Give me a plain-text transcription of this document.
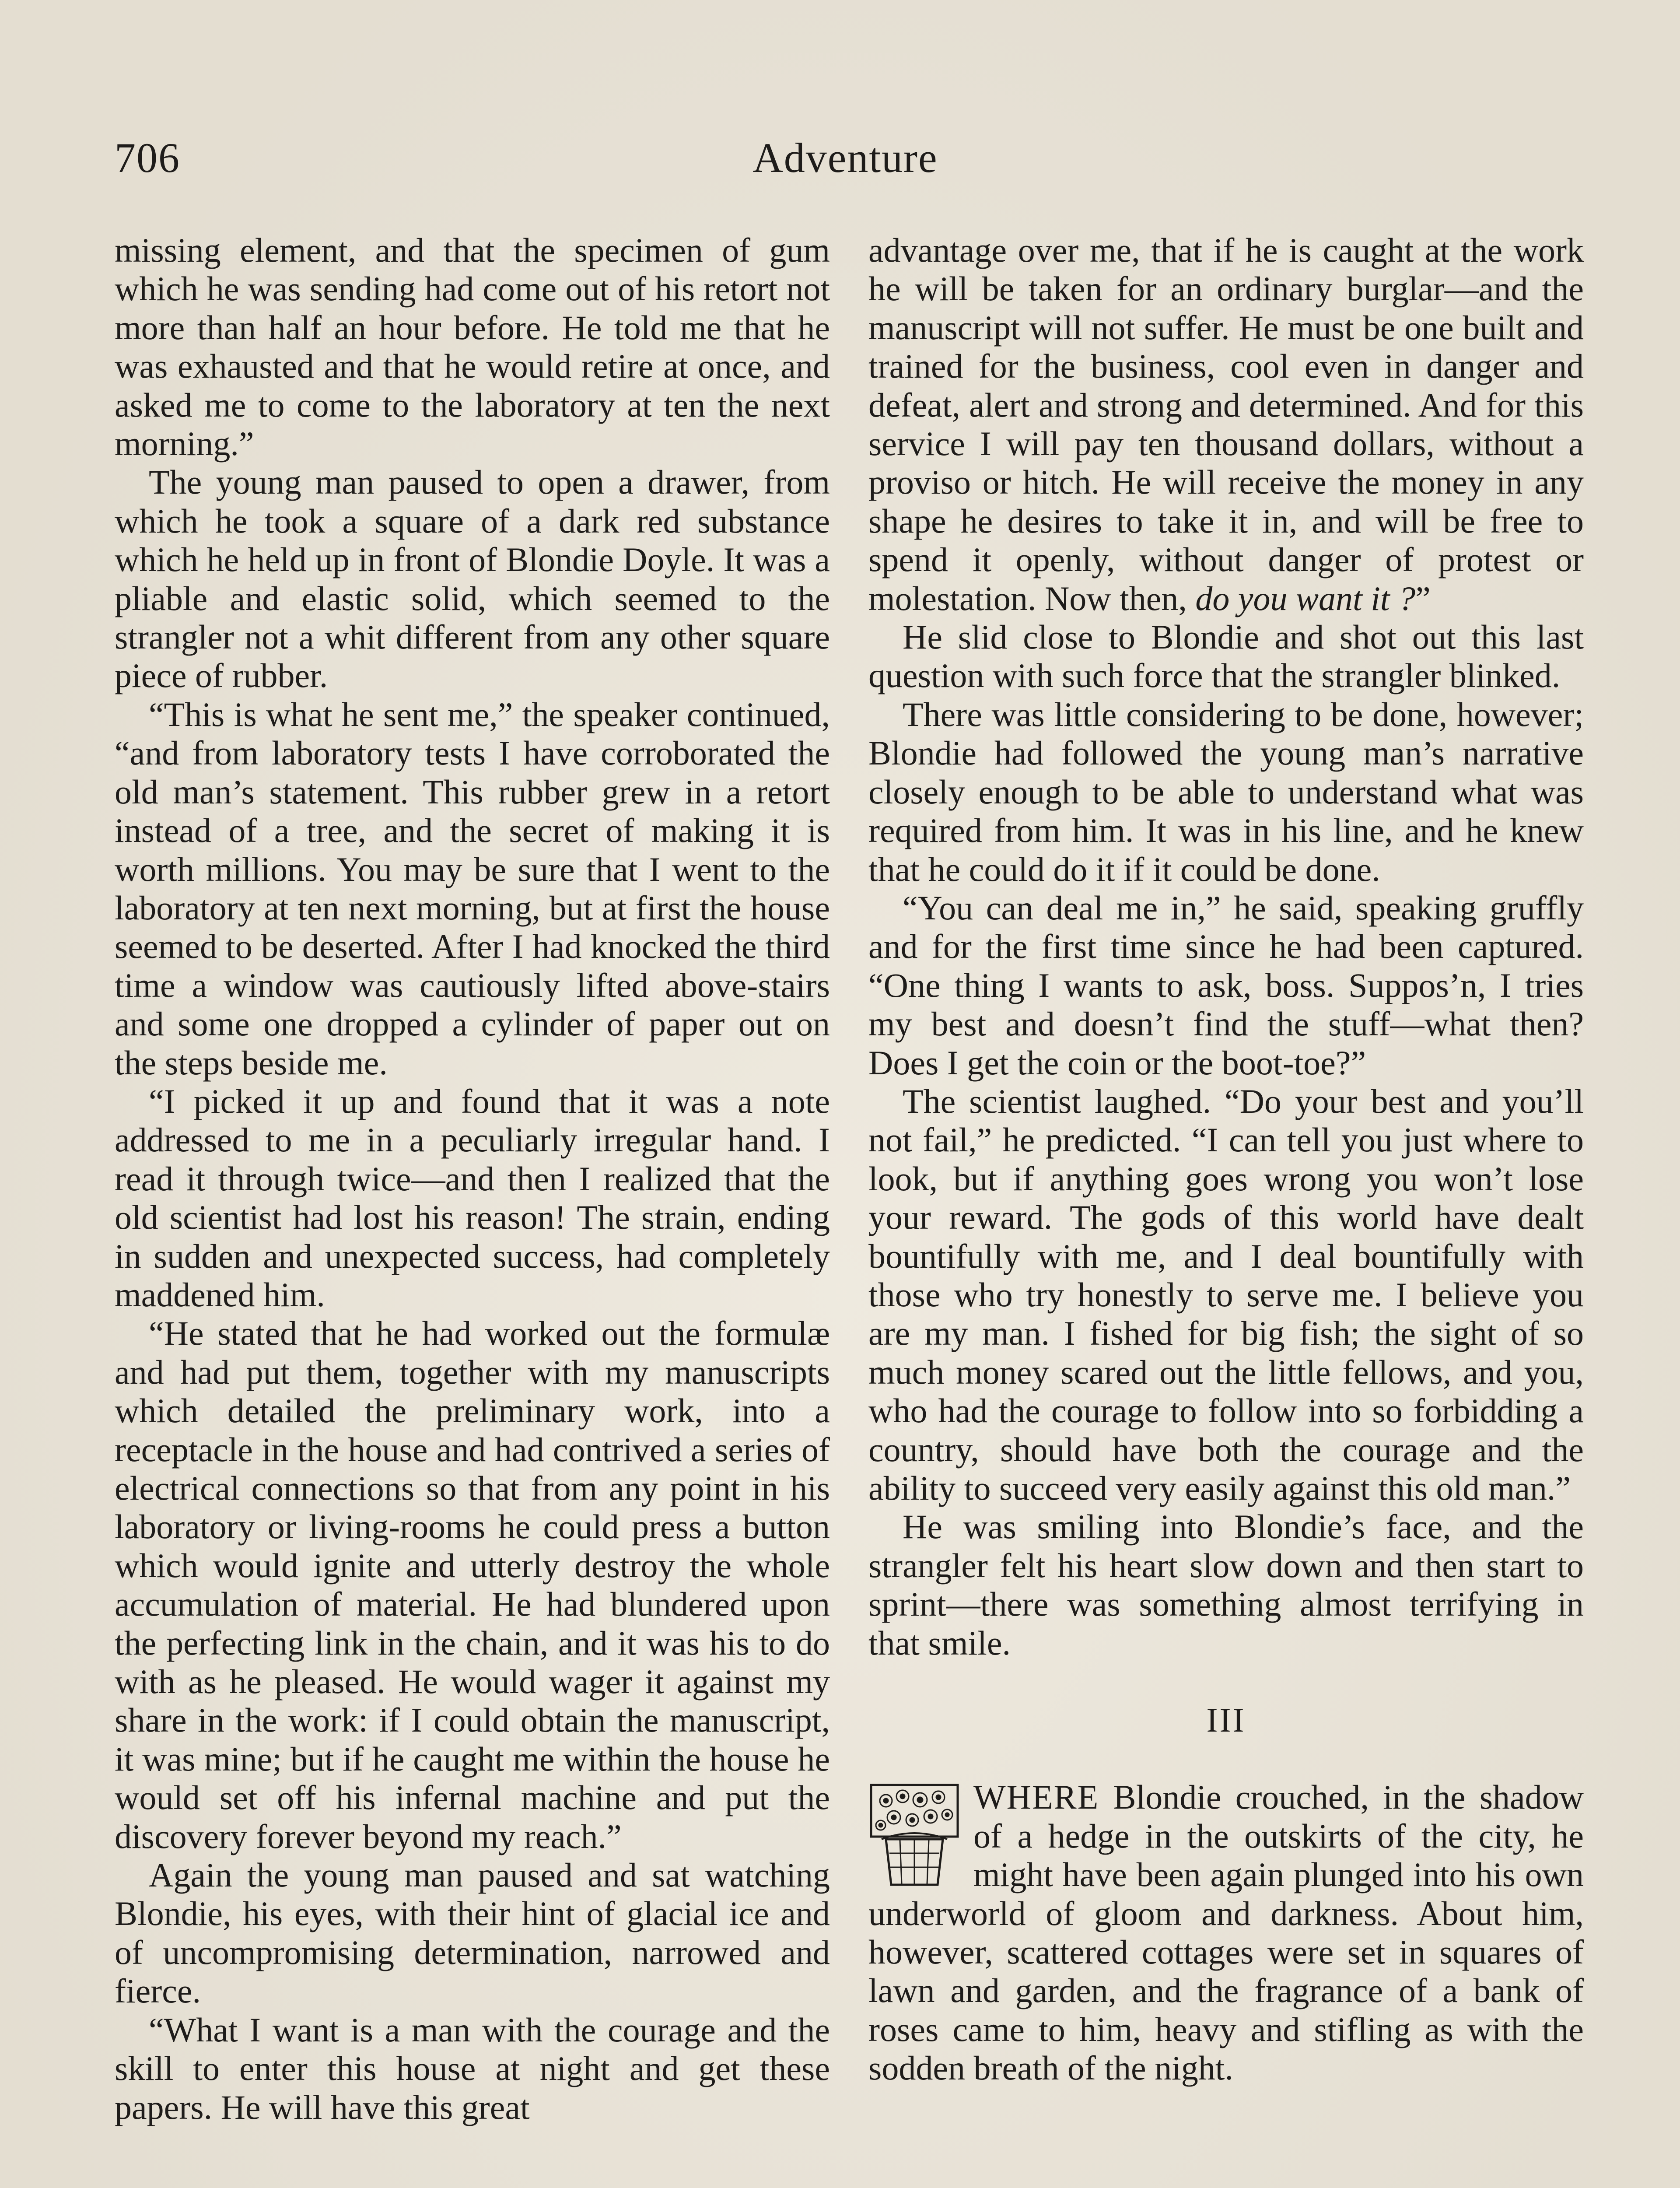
706	Adventure

missing element, and that the specimen of gum which he was sending had come out of his retort not more than half an hour before. He told me that he was exhausted and that he would retire at once, and asked me to come to the laboratory at ten the next morning.”

The young man paused to open a drawer, from which he took a square of a dark red substance which he held up in front of Blondie Doyle. It was a pliable and elastic solid, which seemed to the strangler not a whit different from any other square piece of rubber.

“This is what he sent me,” the speaker continued, “and from laboratory tests I have corroborated the old man’s statement. This rubber grew in a retort instead of a tree, and the secret of making it is worth millions. You may be sure that I went to the laboratory at ten next morning, but at first the house seemed to be deserted. After I had knocked the third time a window was cautiously lifted above-stairs and some one dropped a cylinder of paper out on the steps beside me.

“I picked it up and found that it was a note addressed to me in a peculiarly irregular hand. I read it through twice—and then I realized that the old scientist had lost his reason! The strain, ending in sudden and unexpected success, had completely maddened him.

“He stated that he had worked out the formulæ and had put them, together with my manuscripts which detailed the preliminary work, into a receptacle in the house and had contrived a series of electrical connections so that from any point in his laboratory or living-rooms he could press a button which would ignite and utterly destroy the whole accumulation of material. He had blundered upon the perfecting link in the chain, and it was his to do with as he pleased. He would wager it against my share in the work: if I could obtain the manuscript, it was mine; but if he caught me within the house he would set off his infernal machine and put the discovery forever beyond my reach.”

Again the young man paused and sat watching Blondie, his eyes, with their hint of glacial ice and of uncompromising determination, narrowed and fierce.

“What I want is a man with the courage and the skill to enter this house at night and get these papers. He will have this great

advantage over me, that if he is caught at the work he will be taken for an ordinary burglar—and the manuscript will not suffer. He must be one built and trained for the business, cool even in danger and defeat, alert and strong and determined. And for this service I will pay ten thousand dollars, without a proviso or hitch. He will receive the money in any shape he desires to take it in, and will be free to spend it openly, without danger of protest or molestation. Now then, do you want it ?”

He slid close to Blondie and shot out this last question with such force that the strangler blinked.

There was little considering to be done, however; Blondie had followed the young man’s narrative closely enough to be able to understand what was required from him. It was in his line, and he knew that he could do it if it could be done.

“You can deal me in,” he said, speaking gruffly and for the first time since he had been captured. “One thing I wants to ask, boss. Suppos’n, I tries my best and doesn’t find the stuff—what then? Does I get the coin or the boot-toe?”

The scientist laughed. “Do your best and you’ll not fail,” he predicted. “I can tell you just where to look, but if anything goes wrong you won’t lose your reward. The gods of this world have dealt bountifully with me, and I deal bountifully with those who try honestly to serve me. I believe you are my man. I fished for big fish; the sight of so much money scared out the little fellows, and you, who had the courage to follow into so forbidding a country, should have both the courage and the ability to succeed very easily against this old man.”

He was smiling into Blondie’s face, and the strangler felt his heart slow down and then start to sprint—there was something almost terrifying in that smile.

III

WHERE Blondie crouched, in the shadow of a hedge in the outskirts of the city, he might have been again plunged into his own underworld of gloom and darkness. About him, however, scattered cottages were set in squares of lawn and garden, and the fragrance of a bank of roses came to him, heavy and stifling as with the sodden breath of the night.
